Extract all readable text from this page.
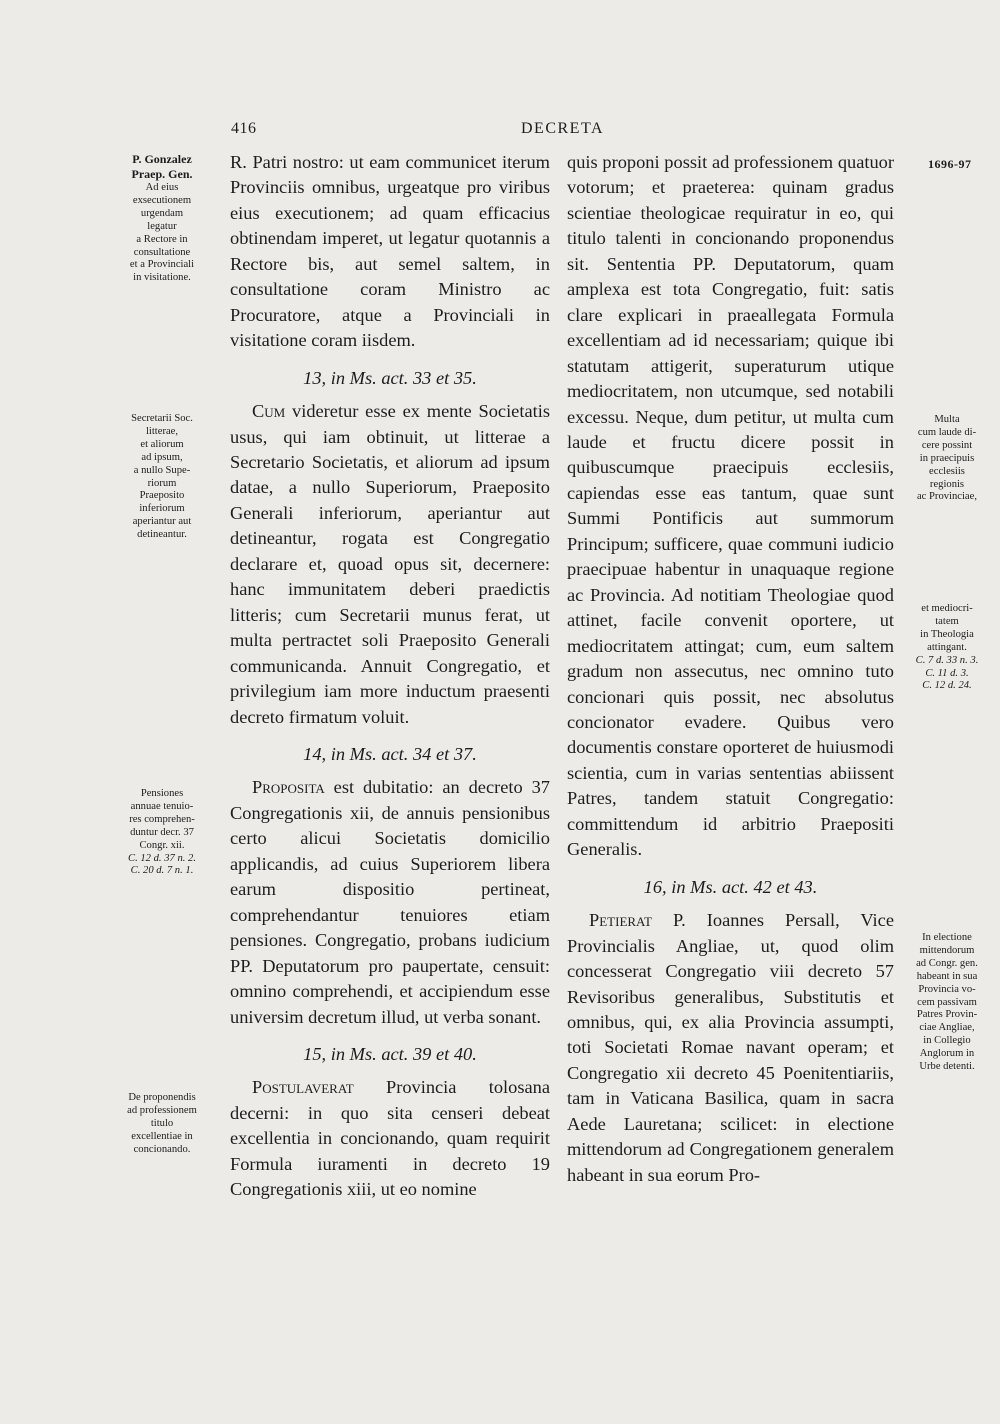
416	DECRETA
1696-97
P. Gonzalez
Praep. Gen.
Ad eius
exsecutionem
urgendam
legatur
a Rectore in
consultatione
et a Provinciali
in visitatione.
Secretarii Soc.
litterae,
et aliorum
ad ipsum,
a nullo Supe-
riorum
Praeposito
inferiorum
aperiantur aut
detineantur.
Pensiones
annuae tenuio-
res comprehen-
duntur decr. 37
Congr. xii.
C. 12 d. 37 n. 2.
C. 20 d. 7 n. 1.
De proponendis
ad professionem
titulo
excellentiae in
concionando.
Multa
cum laude di-
cere possint
in praecipuis
ecclesiis
regionis
ac Provinciae,
et mediocri-
tatem
in Theologia
attingant.
C. 7 d. 33 n. 3.
C. 11 d. 3.
C. 12 d. 24.
In electione
mittendorum
ad Congr. gen.
habeant in sua
Provincia vo-
cem passivam
Patres Provin-
ciae Angliae,
in Collegio
Anglorum in
Urbe detenti.

R. Patri nostro: ut eam communicet iterum Provinciis omnibus, urgeatque pro viribus eius executionem; ad quam efficacius obtinendam imperet, ut legatur quotannis a Rectore bis, aut semel saltem, in consultatione coram Ministro ac Procuratore, atque a Provinciali in visitatione coram iisdem.

13, in Ms. act. 33 et 35.

Cum videretur esse ex mente Societatis usus, qui iam obtinuit, ut litterae a Secretario Societatis, et aliorum ad ipsum datae, a nullo Superiorum, Praeposito Generali inferiorum, aperiantur aut detineantur, rogata est Congregatio declarare et, quoad opus sit, decernere: hanc immunitatem deberi praedictis litteris; cum Secretarii munus ferat, ut multa pertractet soli Praeposito Generali communicanda. Annuit Congregatio, et privilegium iam more inductum praesenti decreto firmatum voluit.

14, in Ms. act. 34 et 37.

Proposita est dubitatio: an decreto 37 Congregationis xii, de annuis pensionibus certo alicui Societatis domicilio applicandis, ad cuius Superiorem libera earum dispositio pertineat, comprehendantur tenuiores etiam pensiones. Congregatio, probans iudicium PP. Deputatorum pro paupertate, censuit: omnino comprehendi, et accipiendum esse universim decretum illud, ut verba sonant.

15, in Ms. act. 39 et 40.

Postulaverat Provincia tolosana decerni: in quo sita censeri debeat excellentia in concionando, quam requirit Formula iuramenti in decreto 19 Congregationis xiii, ut eo nomine

quis proponi possit ad professionem quatuor votorum; et praeterea: quinam gradus scientiae theologicae requiratur in eo, qui titulo talenti in concionando proponendus sit. Sententia PP. Deputatorum, quam amplexa est tota Congregatio, fuit: satis clare explicari in praeallegata Formula excellentiam ad id necessariam; quique ibi statutam attigerit, superaturum utique mediocritatem, non utcumque, sed notabili excessu. Neque, dum petitur, ut multa cum laude et fructu dicere possit in quibuscumque praecipuis ecclesiis, capiendas esse eas tantum, quae sunt Summi Pontificis aut summorum Principum; sufficere, quae communi iudicio praecipuae habentur in unaquaque regione ac Provincia. Ad notitiam Theologiae quod attinet, facile convenit oportere, ut mediocritatem attingat; cum, eum saltem gradum non assecutus, nec omnino tuto concionari quis possit, nec absolutus concionator evadere. Quibus vero documentis constare oporteret de huiusmodi scientia, cum in varias sententias abiissent Patres, tandem statuit Congregatio: committendum id arbitrio Praepositi Generalis.

16, in Ms. act. 42 et 43.

Petierat P. Ioannes Persall, Vice Provincialis Angliae, ut, quod olim concesserat Congregatio viii decreto 57 Revisoribus generalibus, Substitutis et omnibus, qui, ex alia Provincia assumpti, toti Societati Romae navant operam; et Congregatio xii decreto 45 Poenitentiariis, tam in Vaticana Basilica, quam in sacra Aede Lauretana; scilicet: in electione mittendorum ad Congregationem generalem habeant in sua eorum Pro-
